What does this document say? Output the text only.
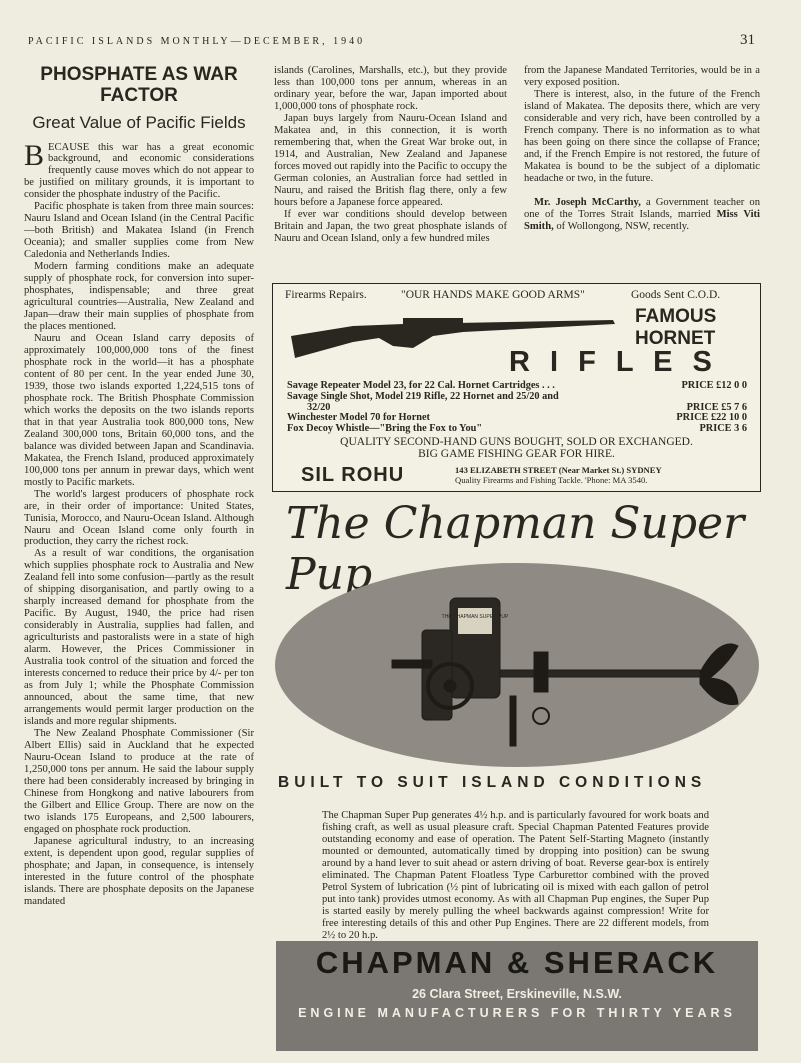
PACIFIC ISLANDS MONTHLY—DECEMBER, 1940	31
PHOSPHATE AS WAR FACTOR
Great Value of Pacific Fields

BECAUSE this war has a great economic background, and economic considerations frequently cause moves which do not appear to be justified on military grounds, it is important to consider the phosphate industry of the Pacific.

Pacific phosphate is taken from three main sources: Nauru Island and Ocean Island (in the Central Pacific—both British) and Makatea Island (in French Oceania); and smaller supplies come from New Caledonia and Netherlands Indies.

Modern farming conditions make an adequate supply of phosphate rock, for conversion into super-phosphates, indispensable; and three great agricultural countries—Australia, New Zealand and Japan—draw their main supplies of phosphate from the places mentioned.

Nauru and Ocean Island carry deposits of approximately 100,000,000 tons of the finest phosphate rock in the world—it has a phosphate content of 80 per cent. In the year ended June 30, 1939, those two islands exported 1,224,515 tons of phosphate rock. The British Phosphate Commission which works the deposits on the two islands reports that in that year Australia took 800,000 tons, New Zealand 300,000 tons, Britain 60,000 tons, and the balance was divided between Japan and Scandinavia. Makatea, the French Island, produced approximately 100,000 tons per annum in prewar days, which went mostly to Pacific markets.

The world's largest producers of phosphate rock are, in their order of importance: United States, Tunisia, Morocco, and Nauru-Ocean Island. Although Nauru and Ocean Island come only fourth in production, they carry the richest rock.

As a result of war conditions, the organisation which supplies phosphate rock to Australia and New Zealand fell into some confusion—partly as the result of shipping disorganisation, and partly owing to a sharply increased demand for phosphate from the Pacific. By August, 1940, the price had risen considerably in Australia, supplies had fallen, and agriculturists and pastoralists were in a state of high alarm. However, the Prices Commissioner in Australia took control of the situation and forced the interests concerned to reduce their price by 4/- per ton as from July 1; while the Phosphate Commission announced, about the same time, that new arrangements would permit larger production on the islands and more regular shipments.

The New Zealand Phosphate Commissioner (Sir Albert Ellis) said in Auckland that he expected Nauru-Ocean Island to produce at the rate of 1,250,000 tons per annum. He said the labour supply there had been considerably increased by bringing in Chinese from Hongkong and native labourers from the Gilbert and Ellice Group. There are now on the two islands 175 Europeans, and 2,500 labourers, engaged on phosphate rock production.

Japanese agricultural industry, to an increasing extent, is dependent upon good, regular supplies of phosphate; and Japan, in consequence, is intensely interested in the future control of the phosphate islands. There are phosphate deposits on the Japanese mandated

islands (Carolines, Marshalls, etc.), but they provide less than 100,000 tons per annum, whereas in an ordinary year, before the war, Japan imported about 1,000,000 tons of phosphate rock.

Japan buys largely from Nauru-Ocean Island and Makatea and, in this connection, it is worth remembering that, when the Great War broke out, in 1914, and Australian, New Zealand and Japanese forces moved out rapidly into the Pacific to occupy the German colonies, an Australian force had settled in Nauru, and raised the British flag there, only a few hours before a Japanese force appeared.

If ever war conditions should develop between Britain and Japan, the two great phosphate islands of Nauru and Ocean Island, only a few hundred miles

from the Japanese Mandated Territories, would be in a very exposed position.

There is interest, also, in the future of the French island of Makatea. The deposits there, which are very considerable and very rich, have been controlled by a French company. There is no information as to what has been going on there since the collapse of France; and, if the French Empire is not restored, the future of Makatea is bound to be the subject of a diplomatic headache or two, in the future.

Mr. Joseph McCarthy, a Government teacher on one of the Torres Strait Islands, married Miss Viti Smith, of Wollongong, NSW, recently.

Firearms Repairs.	"OUR HANDS MAKE GOOD ARMS"	Goods Sent C.O.D.
FAMOUS
HORNET
R I F L E S
Savage Repeater Model 23, for 22 Cal. Hornet Cartridges . . .	PRICE £12 0 0
Savage Single Shot, Model 219 Rifle, 22 Hornet and 25/20 and
32/20	PRICE £5 7 6
Winchester Model 70 for Hornet	PRICE £22 10 0
Fox Decoy Whistle—"Bring the Fox to You"	PRICE 3 6
QUALITY SECOND-HAND GUNS BOUGHT, SOLD OR EXCHANGED.
BIG GAME FISHING GEAR FOR HIRE.
SIL ROHU	143 ELIZABETH STREET (Near Market St.) SYDNEY
Quality Firearms and Fishing Tackle. 'Phone: MA 3540.
The Chapman Super Pup
THE CHAPMAN SUPER PUP
BUILT TO SUIT ISLAND CONDITIONS

The Chapman Super Pup generates 4½ h.p. and is particularly favoured for work boats and fishing craft, as well as usual pleasure craft. Special Chapman Patented Features provide outstanding economy and ease of operation. The Patent Self-Starting Magneto (instantly mounted or demounted, automatically timed by dropping into position) can be swung around by a hand lever to suit ahead or astern driving of boat. Reverse gear-box is entirely eliminated. The Chapman Patent Floatless Type Carburettor combined with the proved Petrol System of lubrication (½ pint of lubricating oil is mixed with each gallon of petrol put into tank) provides utmost economy. As with all Chapman Pup engines, the Super Pup is started easily by merely pulling the wheel backwards against compression! Write for free interesting details of this and other Pup Engines. There are 22 different models, from 2½ to 20 h.p.

CHAPMAN & SHERACK
26 Clara Street, Erskineville, N.S.W.
ENGINE MANUFACTURERS FOR THIRTY YEARS
